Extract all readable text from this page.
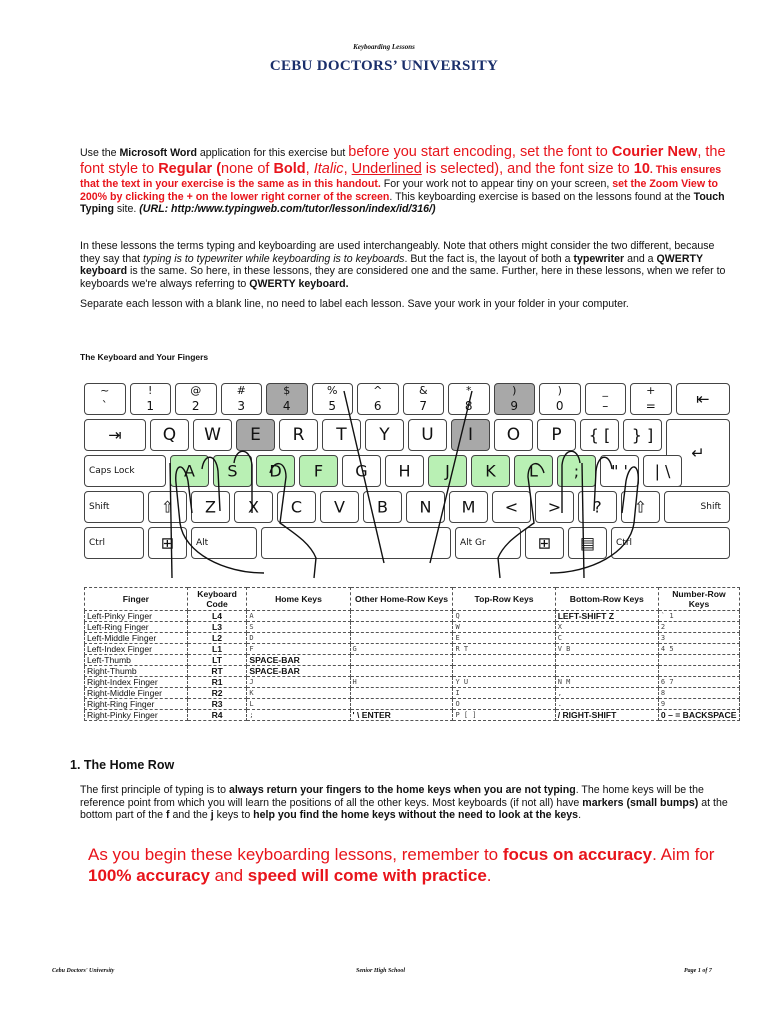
Keyboarding Lessons
CEBU DOCTORS’ UNIVERSITY
Use the Microsoft Word application for this exercise but before you start encoding, set the font to Courier New, the font style to Regular (none of Bold, Italic, Underlined is selected), and the font size to 10. This ensures that the text in your exercise is the same as in this handout. For your work not to appear tiny on your screen, set the Zoom View to 200% by clicking the + on the lower right corner of the screen. This keyboarding exercise is based on the lessons found at the Touch Typing site. (URL: http:/www.typingweb.com/tutor/lesson/index/id/316/)
In these lessons the terms typing and keyboarding are used interchangeably. Note that others might consider the two different, because they say that typing is to typewriter while keyboarding is to keyboards. But the fact is, the layout of both a typewriter and a QWERTY keyboard is the same. So here, in these lessons, they are considered one and the same. Further, here in these lessons, when we refer to keyboards we're always referring to QWERTY keyboard.
Separate each lesson with a blank line, no need to label each lesson. Save your work in your folder in your computer.
The Keyboard and Your Fingers
~
`
!
1
@
2
#
3
$
4
%
5
^
6
&
7
*
8
)
9
)
0
_
–
+
=	⇤
⇥	Q	W	E	R	T	Y	U	I	O	P	{ [	} ]
↵
Caps Lock	A	S	D	F	G	H	J	K	L	;	" '	| \
Shift	⇧	Z	X	C	V	B	N	M	<	>	?	⇧	Shift
Ctrl	⊞	Alt	Alt Gr	⊞	▤	Ctrl
Finger	Keyboard Code	Home Keys	Other Home-Row Keys	Top-Row Keys	Bottom-Row Keys	Number-Row Keys
Left-Pinky Finger	L4	A		Q	LEFT-SHIFT Z	` 1
Left-Ring Finger	L3	S		W	X	2
Left-Middle Finger	L2	D		E	C	3
Left-Index Finger	L1	F	G	R T	V B	4 5
Left-Thumb	LT	SPACE-BAR				
Right-Thumb	RT	SPACE-BAR				
Right-Index Finger	R1	J	H	Y U	N M	6 7
Right-Middle Finger	R2	K		I	,	8
Right-Ring Finger	R3	L		O	.	9
Right-Pinky Finger	R4	;	' \ ENTER	P [ ]	/ RIGHT-SHIFT	0 – = BACKSPACE
1. The Home Row
The first principle of typing is to always return your fingers to the home keys when you are not typing. The home keys will be the reference point from which you will learn the positions of all the other keys. Most keyboards (if not all) have markers (small bumps) at the bottom part of the f and the j keys to help you find the home keys without the need to look at the keys.
As you begin these keyboarding lessons, remember to focus on accuracy. Aim for 100% accuracy and speed will come with practice.
Cebu Doctors' University	Senior High School	Page 1 of 7
